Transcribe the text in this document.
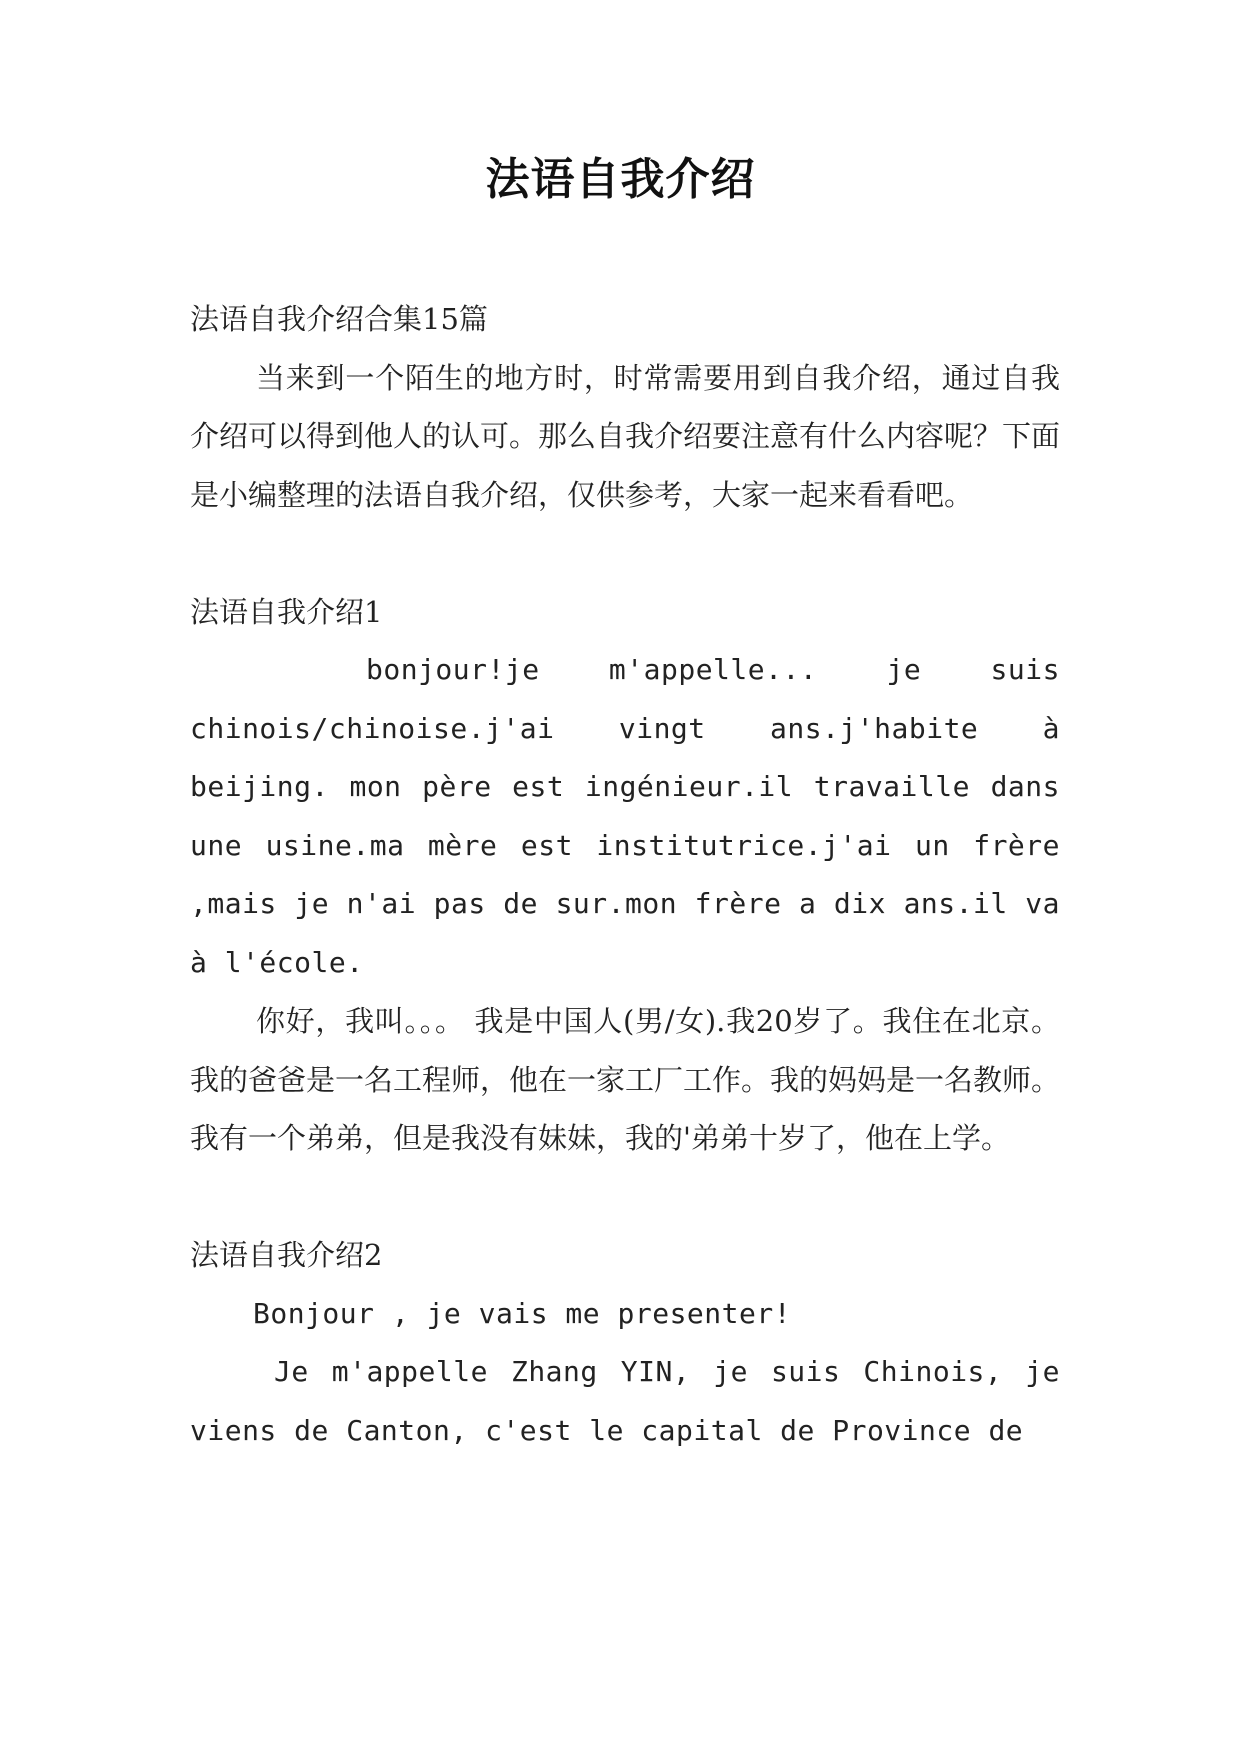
法语自我介绍

法语自我介绍合集15篇

当来到一个陌生的地方时，时常需要用到自我介绍，通过自我介绍可以得到他人的认可。那么自我介绍要注意有什么内容呢？下面是小编整理的法语自我介绍，仅供参考，大家一起来看看吧。

法语自我介绍1

bonjour!je m'appelle... je suis chinois/chinoise.j'ai vingt ans.j'habite à beijing. mon père est ingénieur.il travaille dans une usine.ma mère est institutrice.j'ai un frère ,mais je n'ai pas de sur.mon frère a dix ans.il va à l'école.

你好，我叫。。。 我是中国人(男/女).我20岁了。我住在北京。我的爸爸是一名工程师，他在一家工厂工作。我的妈妈是一名教师。我有一个弟弟，但是我没有妹妹，我的'弟弟十岁了，他在上学。

法语自我介绍2

Bonjour , je vais me presenter!

Je m'appelle Zhang YIN, je suis Chinois, je viens de Canton, c'est le capital de Province de
